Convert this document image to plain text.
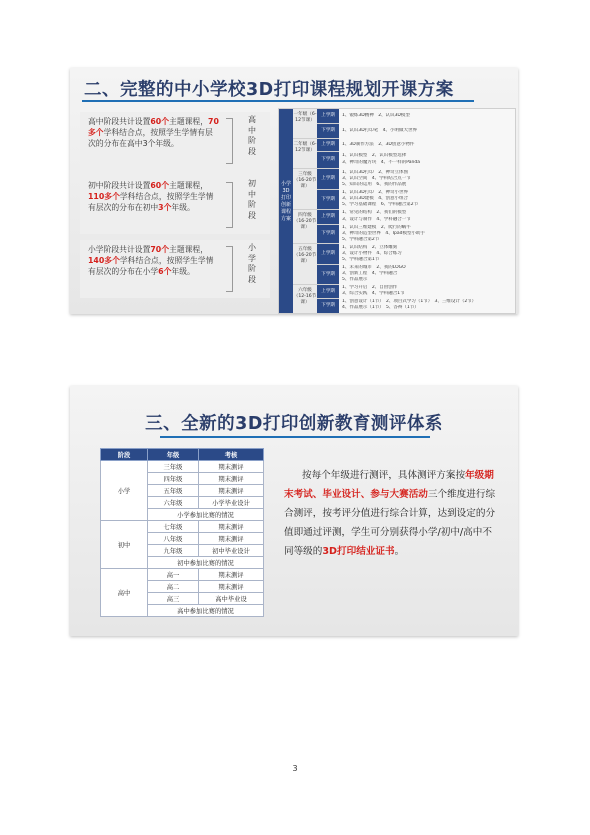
二、完整的中小学校3D打印课程规划开课方案
高中阶段共计设置60个主题课程，70多个学科结合点，按照学生学情有层次的分布在高中3个年级。
高中阶段
初中阶段共计设置60个主题课程，110多个学科结合点，按照学生学情有层次的分布在初中3个年级。
初中阶段
小学阶段共计设置70个主题课程，140多个学科结合点，按照学生学情有层次的分布在小学6个年级。
小学阶段
小学3D打印创新课程方案
一年级（6-12节课）
上学期	1、锻炼3D精神　2、认识3D模型
下学期	1、认识3D打印笔　4、小明做大世界
二年级（6-12节课）
上学期	1、3D制作方法　2、3D创意小物件
下学期
1、认识模型　2、认识模型选择
3、神奇的魔方块　4、不一样的Panda
三年级（16-20节课）
上学期
1、认识3D打印　2、神奇立体图
3、认识空间　4、学科结合点一节
5、知识的运用　6、我的作品展
下学期
1、认识3D打印　2、神奇小世界
3、认识3D建模　4、创意小组合
5、学习基础课程　6、学科融合第2节
四年级（16-20节课）
上学期
1、常见的结构　2、我们的模型
3、设计与制作　4、学科融合一节
下学期
1、认识三维建模　2、爬行的蜗牛
3、神奇的造型世界　4、Ipad模型小助手
5、学科融合第2节
五年级（16-20节课）
上学期
1、认识结构　2、立体雕刻
3、设计小物件　4、综合练习
5、学科融合第1节
下学期
1、未来的城市　2、我的LOGO
3、创新工程　4、学科融合
5、作品展示
六年级（12-16节课）
上学期
1、学习开启　2、自由创作
3、综合实践　4、学科融合1节
下学期
1、创意设计（1节）　2、项目式学习（1节）　3、三维设计（2节）
4、作品展示（1节）　5、答辩（1节）
三、全新的3D打印创新教育测评体系
阶段	年级	考核
小学	三年级	期末测评
	四年级	期末测评
	五年级	期末测评
	六年级	小学毕业设计
	小学参加比赛的情况	
初中	七年级	期末测评
	八年级	期末测评
	九年级	初中毕业设计
	初中参加比赛的情况	
高中	高一	期末测评
	高二	期末测评
	高三	高中毕业设
	高中参加比赛的情况	
按每个年级进行测评，具体测评方案按年级期末考试、毕业设计、参与大赛活动三个维度进行综合测评，按考评分值进行综合计算，达到设定的分值即通过评测，学生可分别获得小学/初中/高中不同等级的3D打印结业证书。
3
